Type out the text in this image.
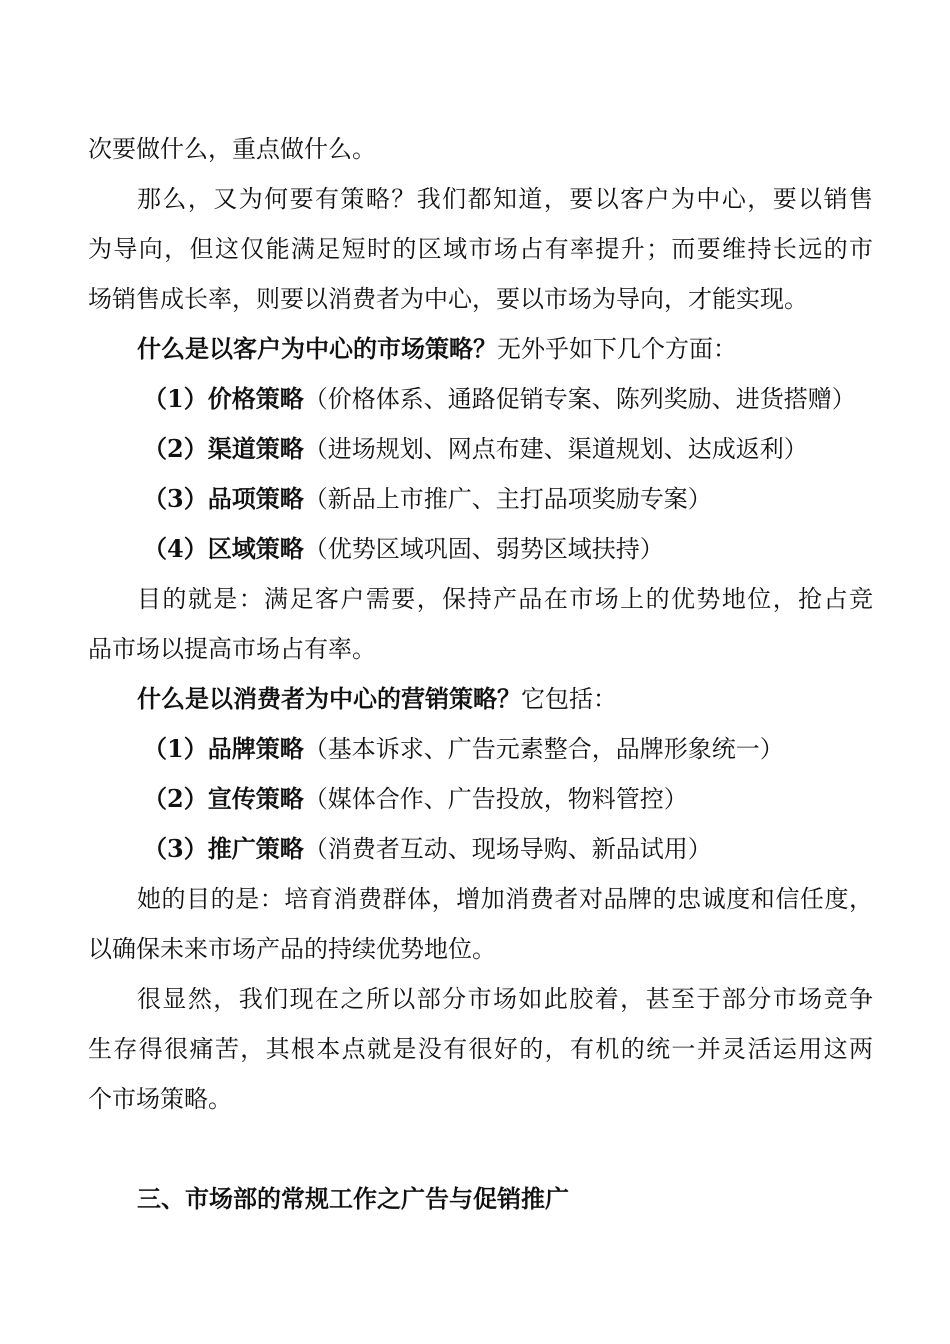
次要做什么，重点做什么。
那么，又为何要有策略？我们都知道，要以客户为中心，要以销售
为导向，但这仅能满足短时的区域市场占有率提升；而要维持长远的市
场销售成长率，则要以消费者为中心，要以市场为导向，才能实现。
什么是以客户为中心的市场策略？无外乎如下几个方面：
（1）价格策略（价格体系、通路促销专案、陈列奖励、进货搭赠）
（2）渠道策略（进场规划、网点布建、渠道规划、达成返利）
（3）品项策略（新品上市推广、主打品项奖励专案）
（4）区域策略（优势区域巩固、弱势区域扶持）
目的就是：满足客户需要，保持产品在市场上的优势地位，抢占竞
品市场以提高市场占有率。
什么是以消费者为中心的营销策略？它包括：
（1）品牌策略（基本诉求、广告元素整合，品牌形象统一）
（2）宣传策略（媒体合作、广告投放，物料管控）
（3）推广策略（消费者互动、现场导购、新品试用）
她的目的是：培育消费群体，增加消费者对品牌的忠诚度和信任度，
以确保未来市场产品的持续优势地位。
很显然，我们现在之所以部分市场如此胶着，甚至于部分市场竞争
生存得很痛苦，其根本点就是没有很好的，有机的统一并灵活运用这两
个市场策略。
三、市场部的常规工作之广告与促销推广
